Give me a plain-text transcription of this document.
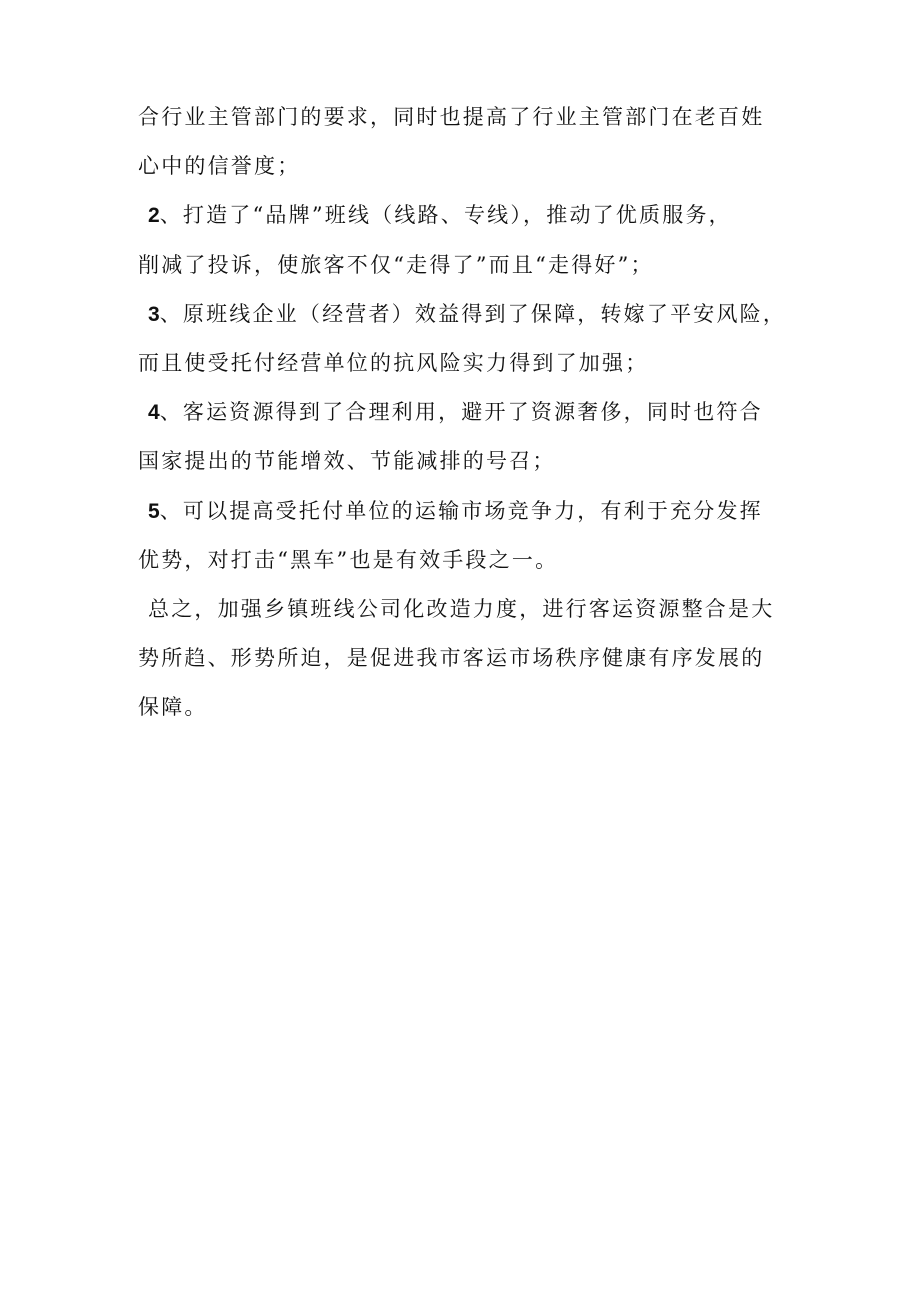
合行业主管部门的要求，同时也提高了行业主管部门在老百姓
心中的信誉度；
2、打造了“品牌”班线（线路、专线），推动了优质服务，
削减了投诉，使旅客不仅“走得了”而且“走得好”；
3、原班线企业（经营者）效益得到了保障，转嫁了平安风险，
而且使受托付经营单位的抗风险实力得到了加强；
4、客运资源得到了合理利用，避开了资源奢侈，同时也符合
国家提出的节能增效、节能减排的号召；
5、可以提高受托付单位的运输市场竞争力，有利于充分发挥
优势，对打击“黑车”也是有效手段之一。
总之，加强乡镇班线公司化改造力度，进行客运资源整合是大
势所趋、形势所迫，是促进我市客运市场秩序健康有序发展的
保障。
